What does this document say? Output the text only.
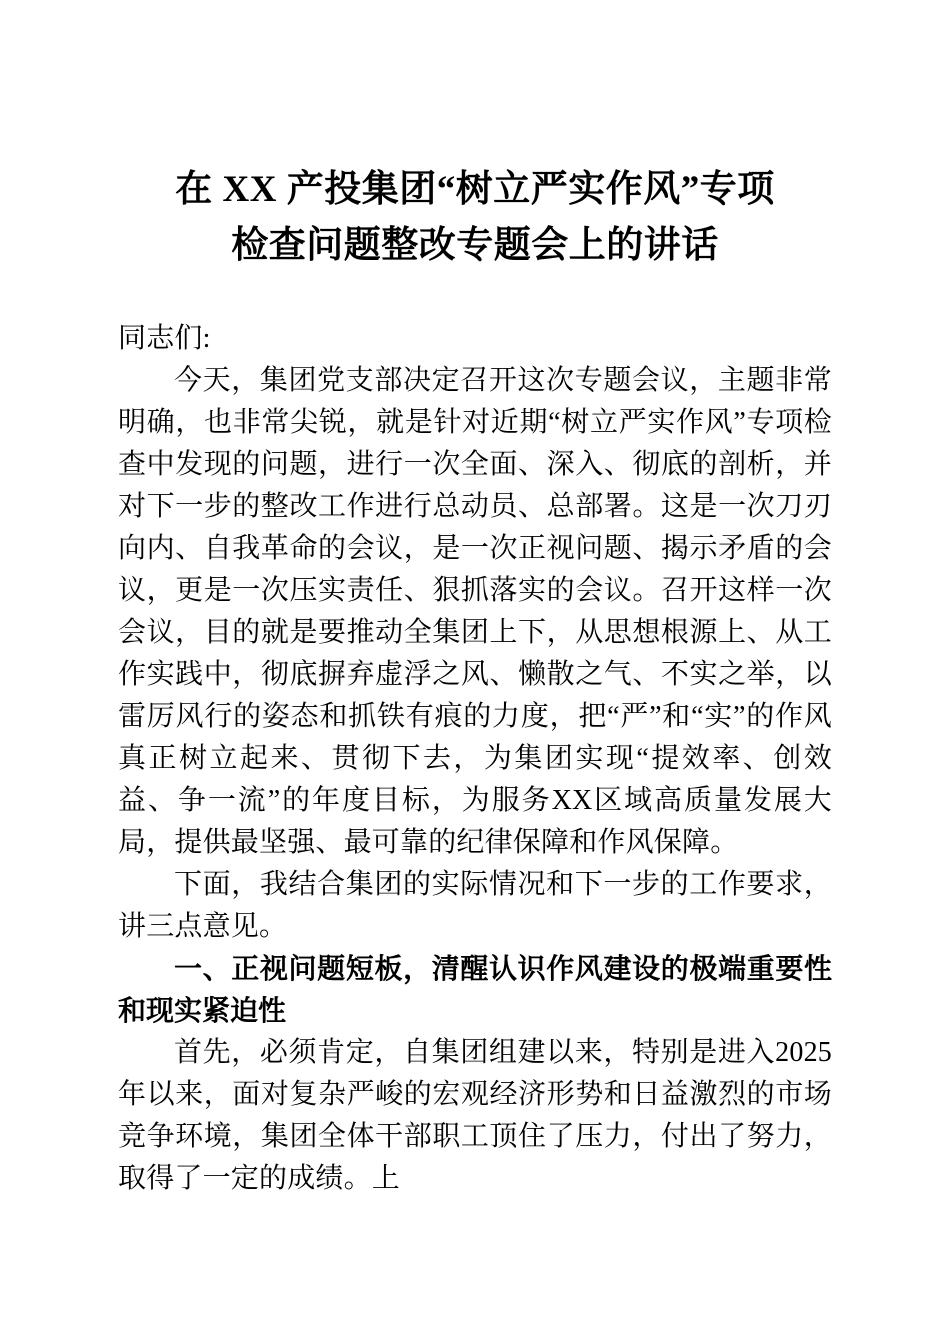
在 XX 产投集团“树立严实作风”专项
检查问题整改专题会上的讲话

同志们:

今天，集团党支部决定召开这次专题会议，主题非常明确，也非常尖锐，就是针对近期“树立严实作风”专项检查中发现的问题，进行一次全面、深入、彻底的剖析，并对下一步的整改工作进行总动员、总部署。这是一次刀刃向内、自我革命的会议，是一次正视问题、揭示矛盾的会议，更是一次压实责任、狠抓落实的会议。召开这样一次会议，目的就是要推动全集团上下，从思想根源上、从工作实践中，彻底摒弃虚浮之风、懒散之气、不实之举，以雷厉风行的姿态和抓铁有痕的力度，把“严”和“实”的作风真正树立起来、贯彻下去，为集团实现“提效率、创效益、争一流”的年度目标，为服务XX区域高质量发展大局，提供最坚强、最可靠的纪律保障和作风保障。

下面，我结合集团的实际情况和下一步的工作要求，讲三点意见。

一、正视问题短板，清醒认识作风建设的极端重要性和现实紧迫性

首先，必须肯定，自集团组建以来，特别是进入2025年以来，面对复杂严峻的宏观经济形势和日益激烈的市场竞争环境，集团全体干部职工顶住了压力，付出了努力，取得了一定的成绩。上
